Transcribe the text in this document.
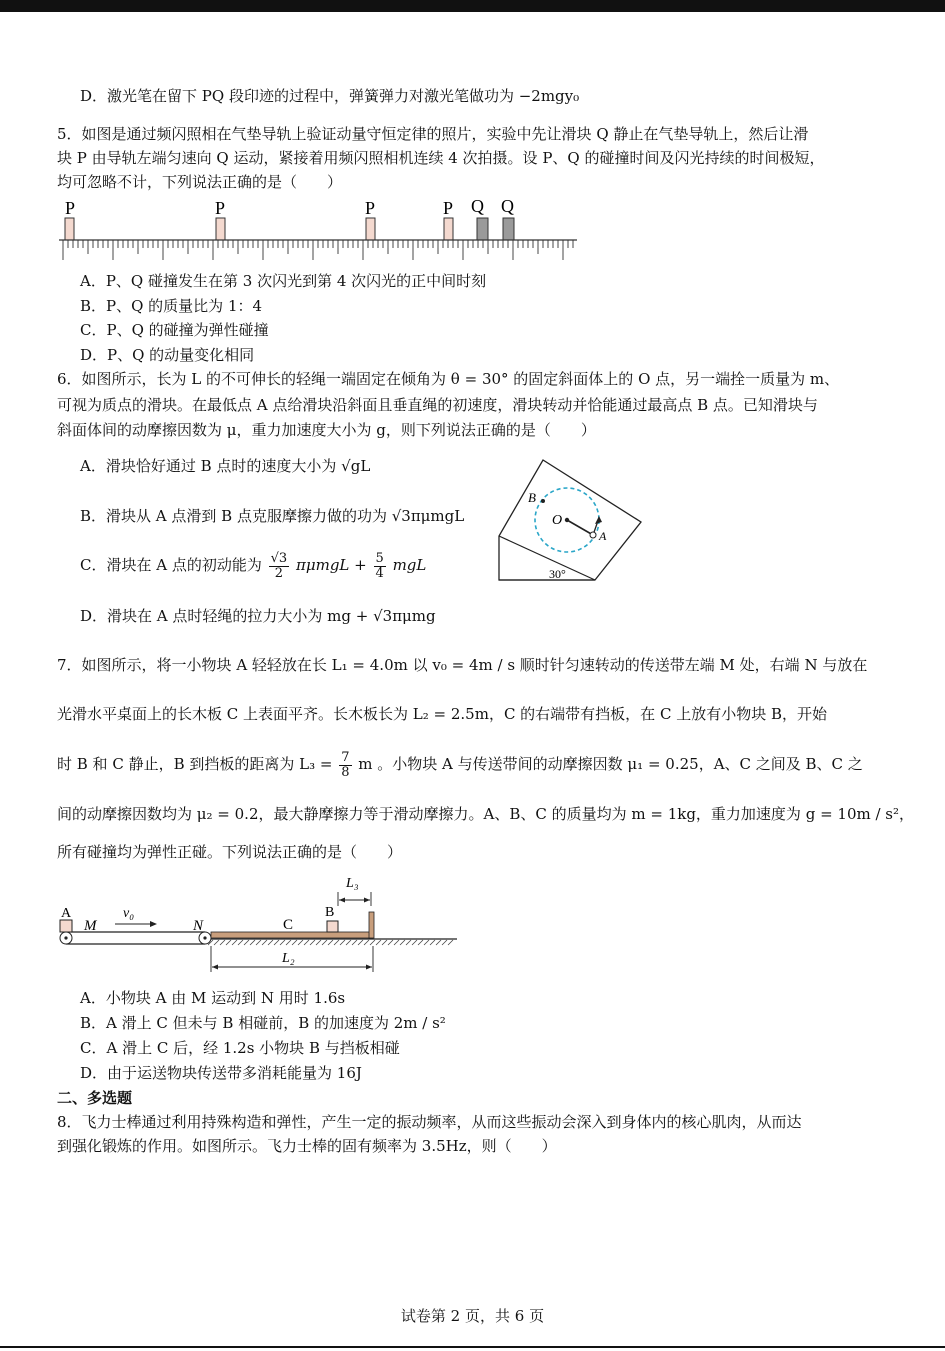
D．激光笔在留下 PQ 段印迹的过程中，弹簧弹力对激光笔做功为 −2mgy₀
5．如图是通过频闪照相在气垫导轨上验证动量守恒定律的照片，实验中先让滑块 Q 静止在气垫导轨上，然后让滑
块 P 由导轨左端匀速向 Q 运动，紧接着用频闪照相机连续 4 次拍摄。设 P、Q 的碰撞时间及闪光持续的时间极短，
均可忽略不计，下列说法正确的是（　　）
P	P	P	P Q Q
A．P、Q 碰撞发生在第 3 次闪光到第 4 次闪光的正中间时刻
B．P、Q 的质量比为 1：4
C．P、Q 的碰撞为弹性碰撞
D．P、Q 的动量变化相同
6．如图所示，长为 L 的不可伸长的轻绳一端固定在倾角为 θ = 30° 的固定斜面体上的 O 点，另一端拴一质量为 m、
可视为质点的滑块。在最低点 A 点给滑块沿斜面且垂直绳的初速度，滑块转动并恰能通过最高点 B 点。已知滑块与
斜面体间的动摩擦因数为 μ，重力加速度大小为 g，则下列说法正确的是（　　）
A．滑块恰好通过 B 点时的速度大小为 √gL
B．滑块从 A 点滑到 B 点克服摩擦力做的功为 √3πμmgL
C．滑块在 A 点的初动能为 $\frac{√3}{2}$ $\pi\mu mgL + \frac{5}{4}$ mgL
D．滑块在 A 点时轻绳的拉力大小为 mg + √3πμmg
B
O
A
30°
7．如图所示，将一小物块 A 轻轻放在长 L₁ = 4.0m 以 v₀ = 4m / s 顺时针匀速转动的传送带左端 M 处，右端 N 与放在
光滑水平桌面上的长木板 C 上表面平齐。长木板长为 L₂ = 2.5m，C 的右端带有挡板，在 C 上放有小物块 B，开始
时 B 和 C 静止，B 到挡板的距离为 $L_3 = \frac{7}{8}$ m 。小物块 A 与传送带间的动摩擦因数 μ₁ = 0.25，A、C 之间及 B、C 之
间的动摩擦因数均为 μ₂ = 0.2，最大静摩擦力等于滑动摩擦力。A、B、C 的质量均为 m = 1kg，重力加速度为 g = 10m / s²，
所有碰撞均为弹性正碰。下列说法正确的是（　　）
A
M
v₀
N	C
B
L₃
L₂
A．小物块 A 由 M 运动到 N 用时 1.6s
B．A 滑上 C 但未与 B 相碰前，B 的加速度为 2m / s²
C．A 滑上 C 后，经 1.2s 小物块 B 与挡板相碰
D．由于运送物块传送带多消耗能量为 16J
二、多选题
8．飞力士棒通过利用持殊构造和弹性，产生一定的振动频率，从而这些振动会深入到身体内的核心肌肉，从而达
到强化锻炼的作用。如图所示。飞力士棒的固有频率为 3.5Hz，则（　　）
试卷第 2 页，共 6 页
